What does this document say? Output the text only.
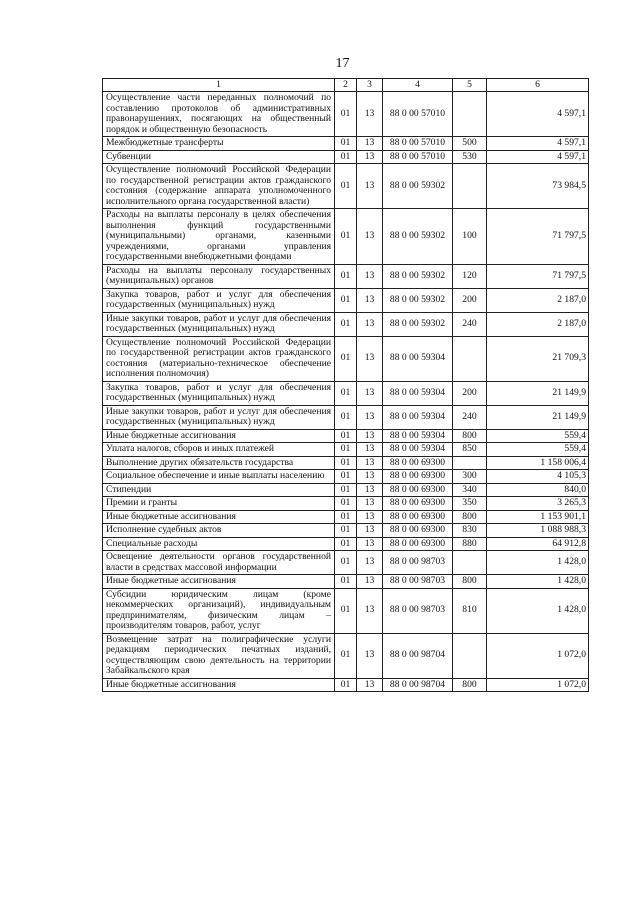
17
1	2	3	4	5	6
Осуществление части переданных полномочий по составлению протоколов об административных правонарушениях, посягающих на общественный порядок и общественную безопасность	01	13	88 0 00 57010		4 597,1
Межбюджетные трансферты	01	13	88 0 00 57010	500	4 597,1
Субвенции	01	13	88 0 00 57010	530	4 597,1
Осуществление полномочий Российской Федерации по государственной регистрации актов гражданского состояния (содержание аппарата уполномоченного исполнительного органа государственной власти)	01	13	88 0 00 59302		73 984,5
Расходы на выплаты персоналу в целях обеспечения выполнения функций государственными (муниципальными) органами, казенными учреждениями, органами управления государственными внебюджетными фондами	01	13	88 0 00 59302	100	71 797,5
Расходы на выплаты персоналу государственных (муниципальных) органов	01	13	88 0 00 59302	120	71 797,5
Закупка товаров, работ и услуг для обеспечения государственных (муниципальных) нужд	01	13	88 0 00 59302	200	2 187,0
Иные закупки товаров, работ и услуг для обеспечения государственных (муниципальных) нужд	01	13	88 0 00 59302	240	2 187,0
Осуществление полномочий Российской Федерации по государственной регистрации актов гражданского состояния (материально-техническое обеспечение исполнения полномочия)	01	13	88 0 00 59304		21 709,3
Закупка товаров, работ и услуг для обеспечения государственных (муниципальных) нужд	01	13	88 0 00 59304	200	21 149,9
Иные закупки товаров, работ и услуг для обеспечения государственных (муниципальных) нужд	01	13	88 0 00 59304	240	21 149,9
Иные бюджетные ассигнования	01	13	88 0 00 59304	800	559,4
Уплата налогов, сборов и иных платежей	01	13	88 0 00 59304	850	559,4
Выполнение других обязательств государства	01	13	88 0 00 69300		1 158 006,4
Социальное обеспечение и иные выплаты населению	01	13	88 0 00 69300	300	4 105,3
Стипендии	01	13	88 0 00 69300	340	840,0
Премии и гранты	01	13	88 0 00 69300	350	3 265,3
Иные бюджетные ассигнования	01	13	88 0 00 69300	800	1 153 901,1
Исполнение судебных актов	01	13	88 0 00 69300	830	1 088 988,3
Специальные расходы	01	13	88 0 00 69300	880	64 912,8
Освещение деятельности органов государственной власти в средствах массовой информации	01	13	88 0 00 98703		1 428,0
Иные бюджетные ассигнования	01	13	88 0 00 98703	800	1 428,0
Субсидии юридическим лицам (кроме некоммерческих организаций), индивидуальным предпринимателям, физическим лицам – производителям товаров, работ, услуг	01	13	88 0 00 98703	810	1 428,0
Возмещение затрат на полиграфические услуги редакциям периодических печатных изданий, осуществляющим свою деятельность на территории Забайкальского края	01	13	88 0 00 98704		1 072,0
Иные бюджетные ассигнования	01	13	88 0 00 98704	800	1 072,0
